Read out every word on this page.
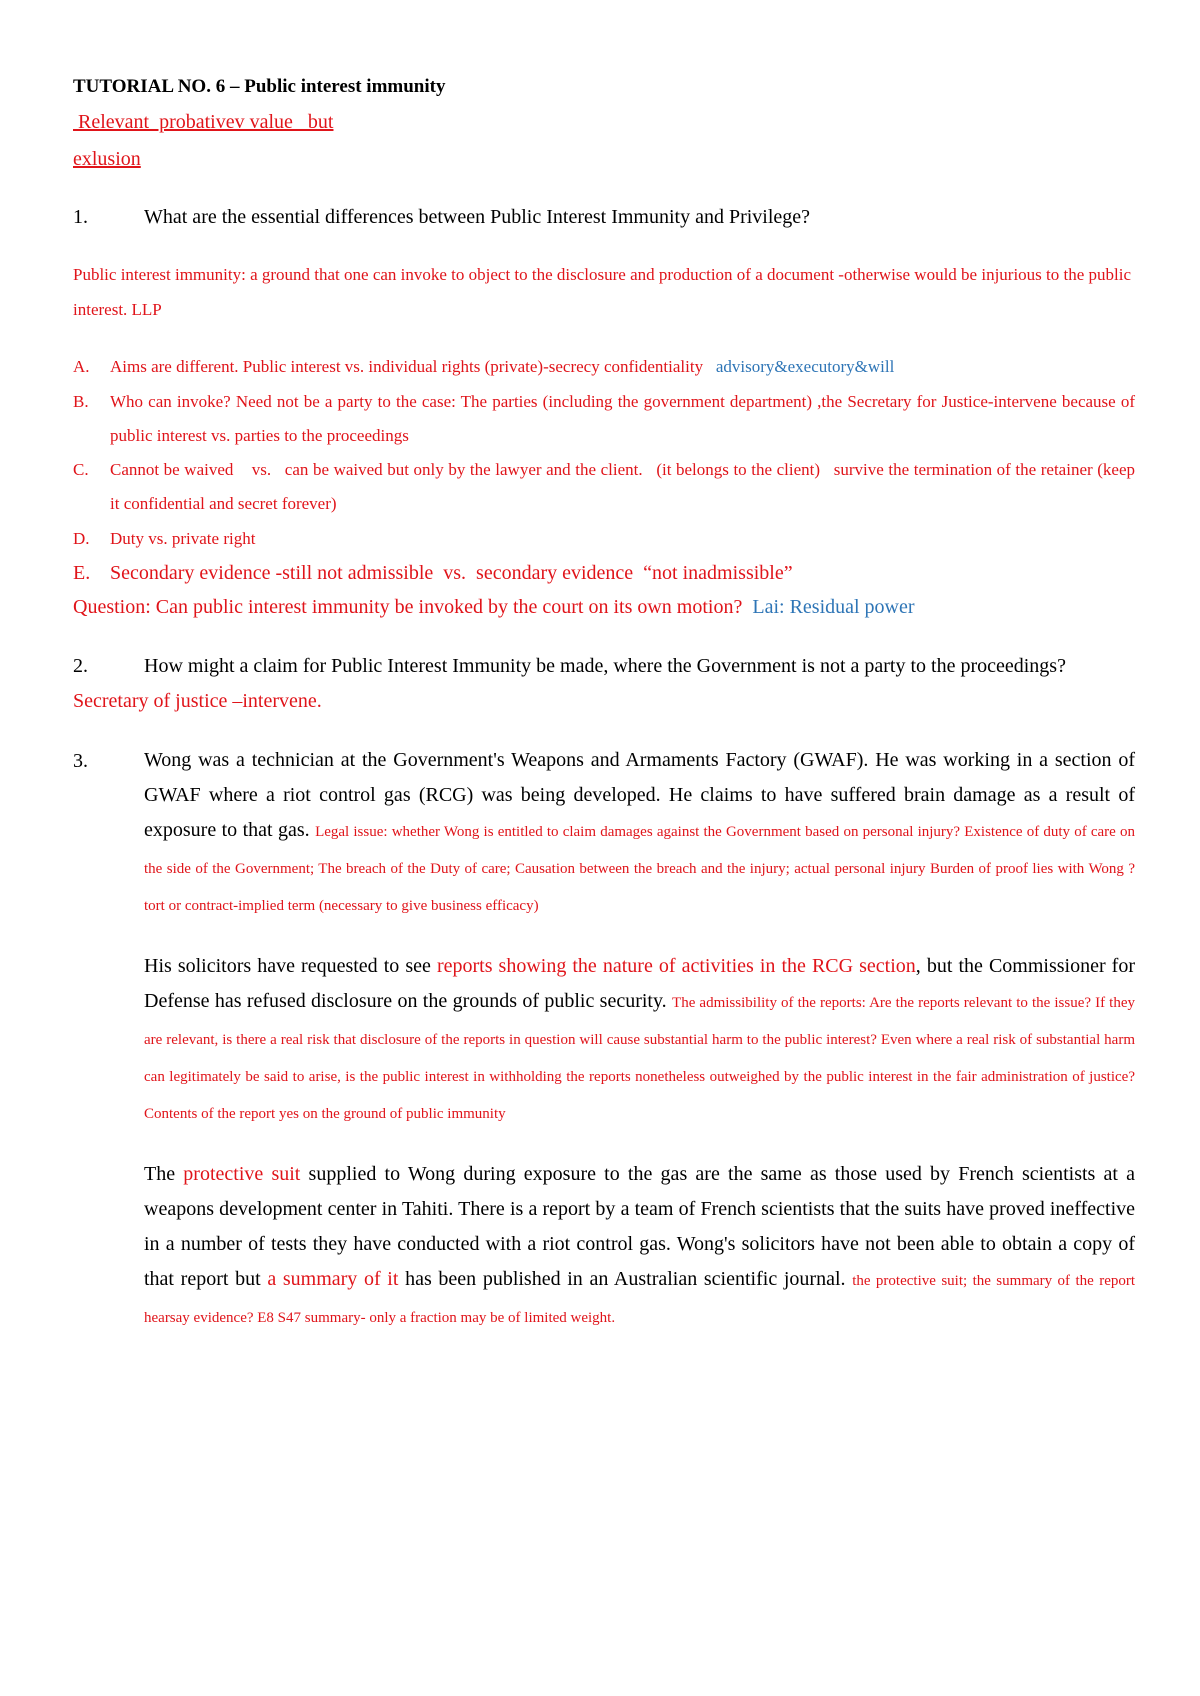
TUTORIAL NO. 6 – Public interest immunity

Relevant  probativev value   but
exlusion
1.	What are the essential differences between Public Interest Immunity and Privilege?
Public interest immunity: a ground that one can invoke to object to the disclosure and production of a document -otherwise would be injurious to the public interest. LLP
A.	Aims are different. Public interest vs. individual rights (private)-secrecy confidentiality advisory&executory&will
B.	Who can invoke? Need not be a party to the case: The parties (including the government department) ,the Secretary for Justice-intervene because of public interest vs. parties to the proceedings
C.	Cannot be waived    vs.   can be waived but only by the lawyer and the client.   (it belongs to the client)   survive the termination of the retainer (keep it confidential and secret forever)
D.	Duty vs. private right
E. Secondary evidence -still not admissible  vs.  secondary evidence  “not inadmissible”
Question: Can public interest immunity be invoked by the court on its own motion? Lai: Residual power
2.	How might a claim for Public Interest Immunity be made, where the Government is not a party to the proceedings?
Secretary of justice –intervene.
3.	Wong was a technician at the Government's Weapons and Armaments Factory (GWAF). He was working in a section of GWAF where a riot control gas (RCG) was being developed. He claims to have suffered brain damage as a result of exposure to that gas. Legal issue: whether Wong is entitled to claim damages against the Government based on personal injury? Existence of duty of care on the side of the Government; The breach of the Duty of care; Causation between the breach and the injury; actual personal injury Burden of proof lies with Wong ? tort or contract-implied term (necessary to give business efficacy)
His solicitors have requested to see reports showing the nature of activities in the RCG section, but the Commissioner for Defense has refused disclosure on the grounds of public security. The admissibility of the reports: Are the reports relevant to the issue? If they are relevant, is there a real risk that disclosure of the reports in question will cause substantial harm to the public interest? Even where a real risk of substantial harm can legitimately be said to arise, is the public interest in withholding the reports nonetheless outweighed by the public interest in the fair administration of justice? Contents of the report yes on the ground of public immunity
The protective suit supplied to Wong during exposure to the gas are the same as those used by French scientists at a weapons development center in Tahiti. There is a report by a team of French scientists that the suits have proved ineffective in a number of tests they have conducted with a riot control gas. Wong's solicitors have not been able to obtain a copy of that report but a summary of it has been published in an Australian scientific journal. the protective suit; the summary of the report hearsay evidence? E8 S47 summary- only a fraction may be of limited weight.
